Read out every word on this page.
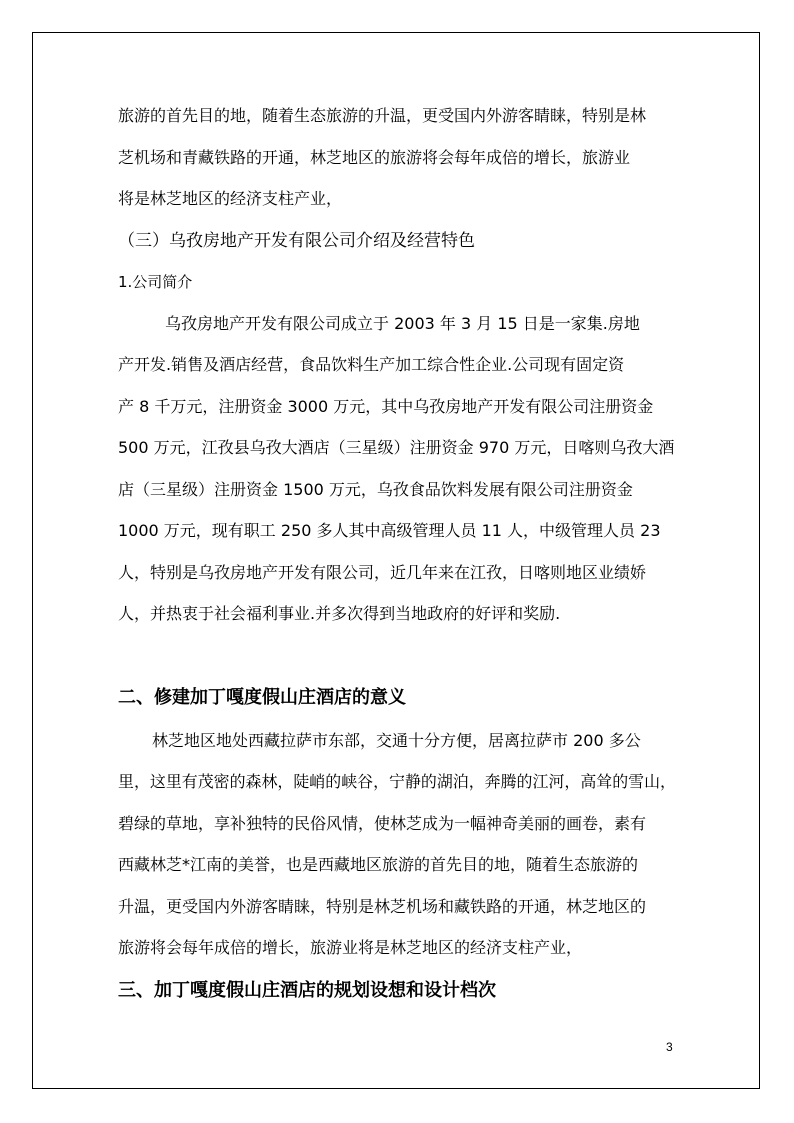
旅游的首先目的地，随着生态旅游的升温，更受国内外游客睛睐，特别是林
芝机场和青藏铁路的开通，林芝地区的旅游将会每年成倍的增长，旅游业
将是林芝地区的经济支柱产业，
（三）乌孜房地产开发有限公司介绍及经营特色
1.公司简介
乌孜房地产开发有限公司成立于 2003 年 3 月 15 日是一家集.房地
产开发.销售及酒店经营，食品饮料生产加工综合性企业.公司现有固定资
产 8 千万元，注册资金 3000 万元，其中乌孜房地产开发有限公司注册资金
500 万元，江孜县乌孜大酒店（三星级）注册资金 970 万元，日喀则乌孜大酒
店（三星级）注册资金 1500 万元，乌孜食品饮料发展有限公司注册资金
1000 万元，现有职工 250 多人其中高级管理人员 11 人，中级管理人员 23
人，特别是乌孜房地产开发有限公司，近几年来在江孜，日喀则地区业绩娇
人，并热衷于社会福利事业.并多次得到当地政府的好评和奖励.
二、修建加丁嘎度假山庄酒店的意义
林芝地区地处西藏拉萨市东部，交通十分方便，居离拉萨市 200 多公
里，这里有茂密的森林，陡峭的峡谷，宁静的湖泊，奔腾的江河，高耸的雪山，
碧绿的草地，享补独特的民俗风情，使林芝成为一幅神奇美丽的画卷，素有
西藏林芝*江南的美誉，也是西藏地区旅游的首先目的地，随着生态旅游的
升温，更受国内外游客睛睐，特别是林芝机场和藏铁路的开通，林芝地区的
旅游将会每年成倍的增长，旅游业将是林芝地区的经济支柱产业，
三、加丁嘎度假山庄酒店的规划设想和设计档次
3
